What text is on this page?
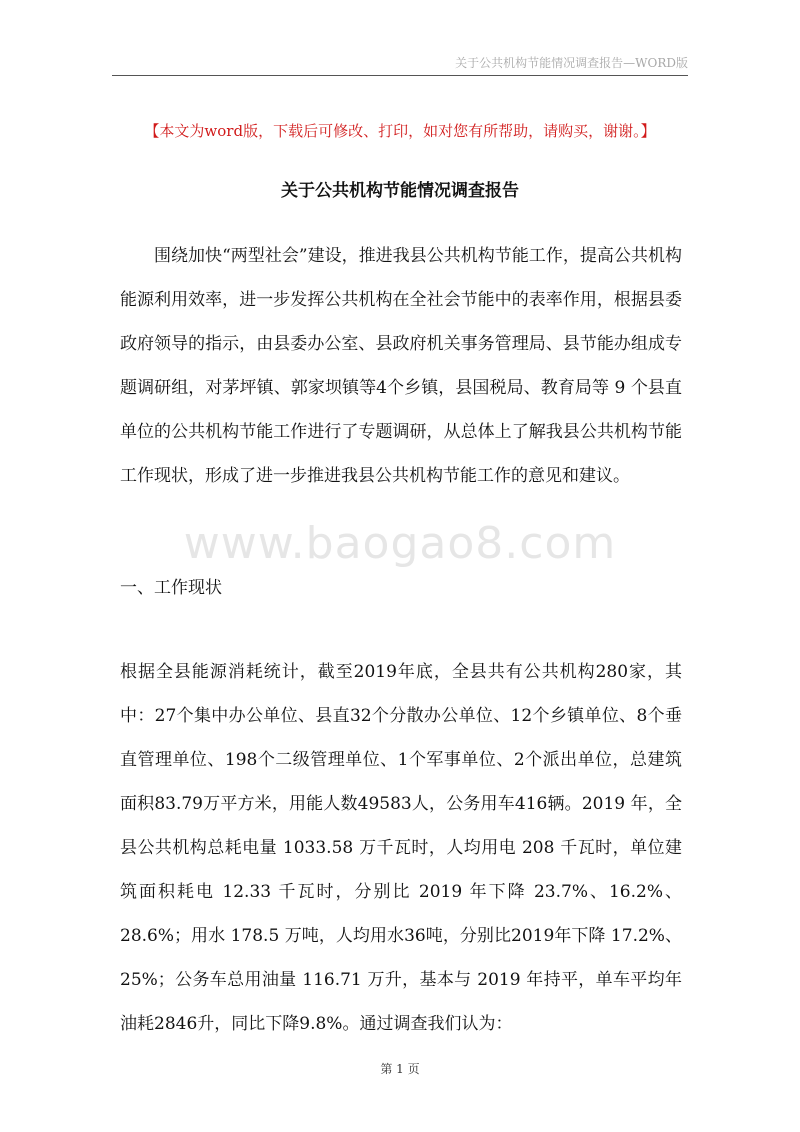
关于公共机构节能情况调查报告—WORD版
【本文为word版，下载后可修改、打印，如对您有所帮助，请购买，谢谢。】
关于公共机构节能情况调查报告

围绕加快“两型社会”建设，推进我县公共机构节能工作，提高公共机构能源利用效率，进一步发挥公共机构在全社会节能中的表率作用，根据县委政府领导的指示，由县委办公室、县政府机关事务管理局、县节能办组成专题调研组，对茅坪镇、郭家坝镇等4个乡镇，县国税局、教育局等 9 个县直单位的公共机构节能工作进行了专题调研，从总体上了解我县公共机构节能工作现状，形成了进一步推进我县公共机构节能工作的意见和建议。

www.baogao8.com

一、工作现状

根据全县能源消耗统计，截至2019年底，全县共有公共机构280家，其中：27个集中办公单位、县直32个分散办公单位、12个乡镇单位、8个垂直管理单位、198个二级管理单位、1个军事单位、2个派出单位，总建筑面积83.79万平方米，用能人数49583人，公务用车416辆。2019 年，全县公共机构总耗电量 1033.58 万千瓦时，人均用电 208 千瓦时，单位建筑面积耗电 12.33 千瓦时，分别比 2019 年下降 23.7%、16.2%、28.6%；用水 178.5 万吨，人均用水36吨，分别比2019年下降 17.2%、25%；公务车总用油量 116.71 万升，基本与 2019 年持平，单车平均年油耗2846升，同比下降9.8%。通过调查我们认为：

第 1 页
